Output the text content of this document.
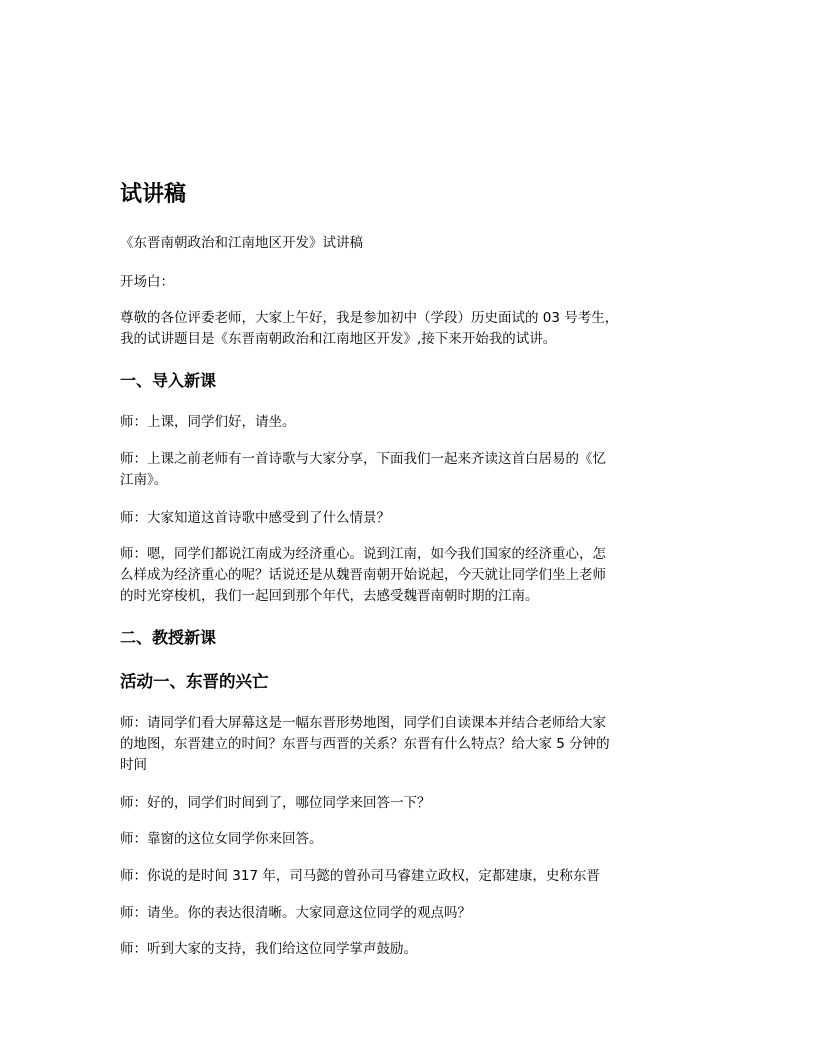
试讲稿

《东晋南朝政治和江南地区开发》试讲稿

开场白：

尊敬的各位评委老师，大家上午好，我是参加初中（学段）历史面试的 03 号考生，
我的试讲题目是《东晋南朝政治和江南地区开发》,接下来开始我的试讲。

一、导入新课

师：上课，同学们好，请坐。

师：上课之前老师有一首诗歌与大家分享，下面我们一起来齐读这首白居易的《忆
江南》。

师：大家知道这首诗歌中感受到了什么情景？

师：嗯，同学们都说江南成为经济重心。说到江南，如今我们国家的经济重心，怎
么样成为经济重心的呢？话说还是从魏晋南朝开始说起，今天就让同学们坐上老师
的时光穿梭机，我们一起回到那个年代，去感受魏晋南朝时期的江南。

二、教授新课
活动一、东晋的兴亡

师：请同学们看大屏幕这是一幅东晋形势地图，同学们自读课本并结合老师给大家
的地图，东晋建立的时间？东晋与西晋的关系？东晋有什么特点？给大家 5 分钟的
时间

师：好的，同学们时间到了，哪位同学来回答一下？

师：靠窗的这位女同学你来回答。

师：你说的是时间 317 年，司马懿的曾孙司马睿建立政权，定都建康，史称东晋

师：请坐。你的表达很清晰。大家同意这位同学的观点吗？

师：听到大家的支持，我们给这位同学掌声鼓励。
